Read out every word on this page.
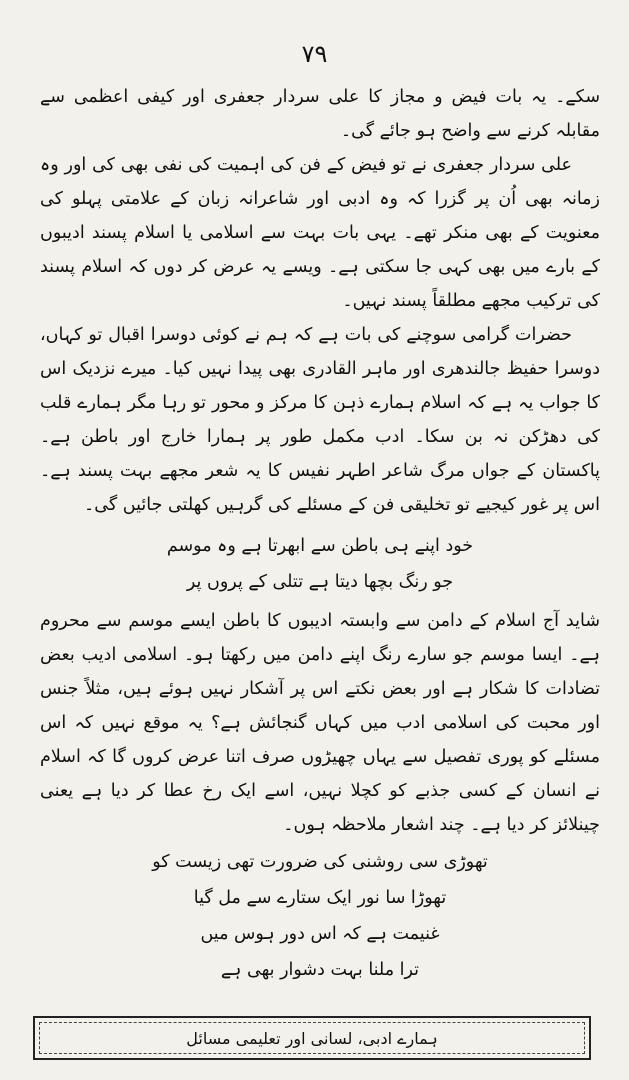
۷۹

سکے۔ یہ بات فیض و مجاز کا علی سردار جعفری اور کیفی اعظمی سے مقابلہ کرنے سے واضح ہو جائے گی۔

علی سردار جعفری نے تو فیض کے فن کی اہمیت کی نفی بھی کی اور وہ زمانہ بھی اُن پر گزرا کہ وہ ادبی اور شاعرانہ زبان کے علامتی پہلو کی معنویت کے بھی منکر تھے۔ یہی بات بہت سے اسلامی یا اسلام پسند ادیبوں کے بارے میں بھی کہی جا سکتی ہے۔ ویسے یہ عرض کر دوں کہ اسلام پسند کی ترکیب مجھے مطلقاً پسند نہیں۔

حضرات گرامی سوچنے کی بات ہے کہ ہم نے کوئی دوسرا اقبال تو کہاں، دوسرا حفیظ جالندھری اور ماہر القادری بھی پیدا نہیں کیا۔ میرے نزدیک اس کا جواب یہ ہے کہ اسلام ہمارے ذہن کا مرکز و محور تو رہا مگر ہمارے قلب کی دھڑکن نہ بن سکا۔ ادب مکمل طور پر ہمارا خارج اور باطن ہے۔ پاکستان کے جواں مرگ شاعر اطہر نفیس کا یہ شعر مجھے بہت پسند ہے۔ اس پر غور کیجیے تو تخلیقی فن کے مسئلے کی گرہیں کھلتی جائیں گی۔

خود اپنے ہی باطن سے ابھرتا ہے وہ موسم
جو رنگ بچھا دیتا ہے تتلی کے پروں پر

شاید آج اسلام کے دامن سے وابستہ ادیبوں کا باطن ایسے موسم سے محروم ہے۔ ایسا موسم جو سارے رنگ اپنے دامن میں رکھتا ہو۔ اسلامی ادیب بعض تضادات کا شکار ہے اور بعض نکتے اس پر آشکار نہیں ہوئے ہیں، مثلاً جنس اور محبت کی اسلامی ادب میں کہاں گنجائش ہے؟ یہ موقع نہیں کہ اس مسئلے کو پوری تفصیل سے یہاں چھیڑوں صرف اتنا عرض کروں گا کہ اسلام نے انسان کے کسی جذبے کو کچلا نہیں، اسے ایک رخ عطا کر دیا ہے یعنی چینلائز کر دیا ہے۔ چند اشعار ملاحظہ ہوں۔

تھوڑی سی روشنی کی ضرورت تھی زیست کو
تھوڑا سا نور ایک ستارے سے مل گیا
غنیمت ہے کہ اس دور ہوس میں
ترا ملنا بہت دشوار بھی ہے
ہمارے ادبی، لسانی اور تعلیمی مسائل
